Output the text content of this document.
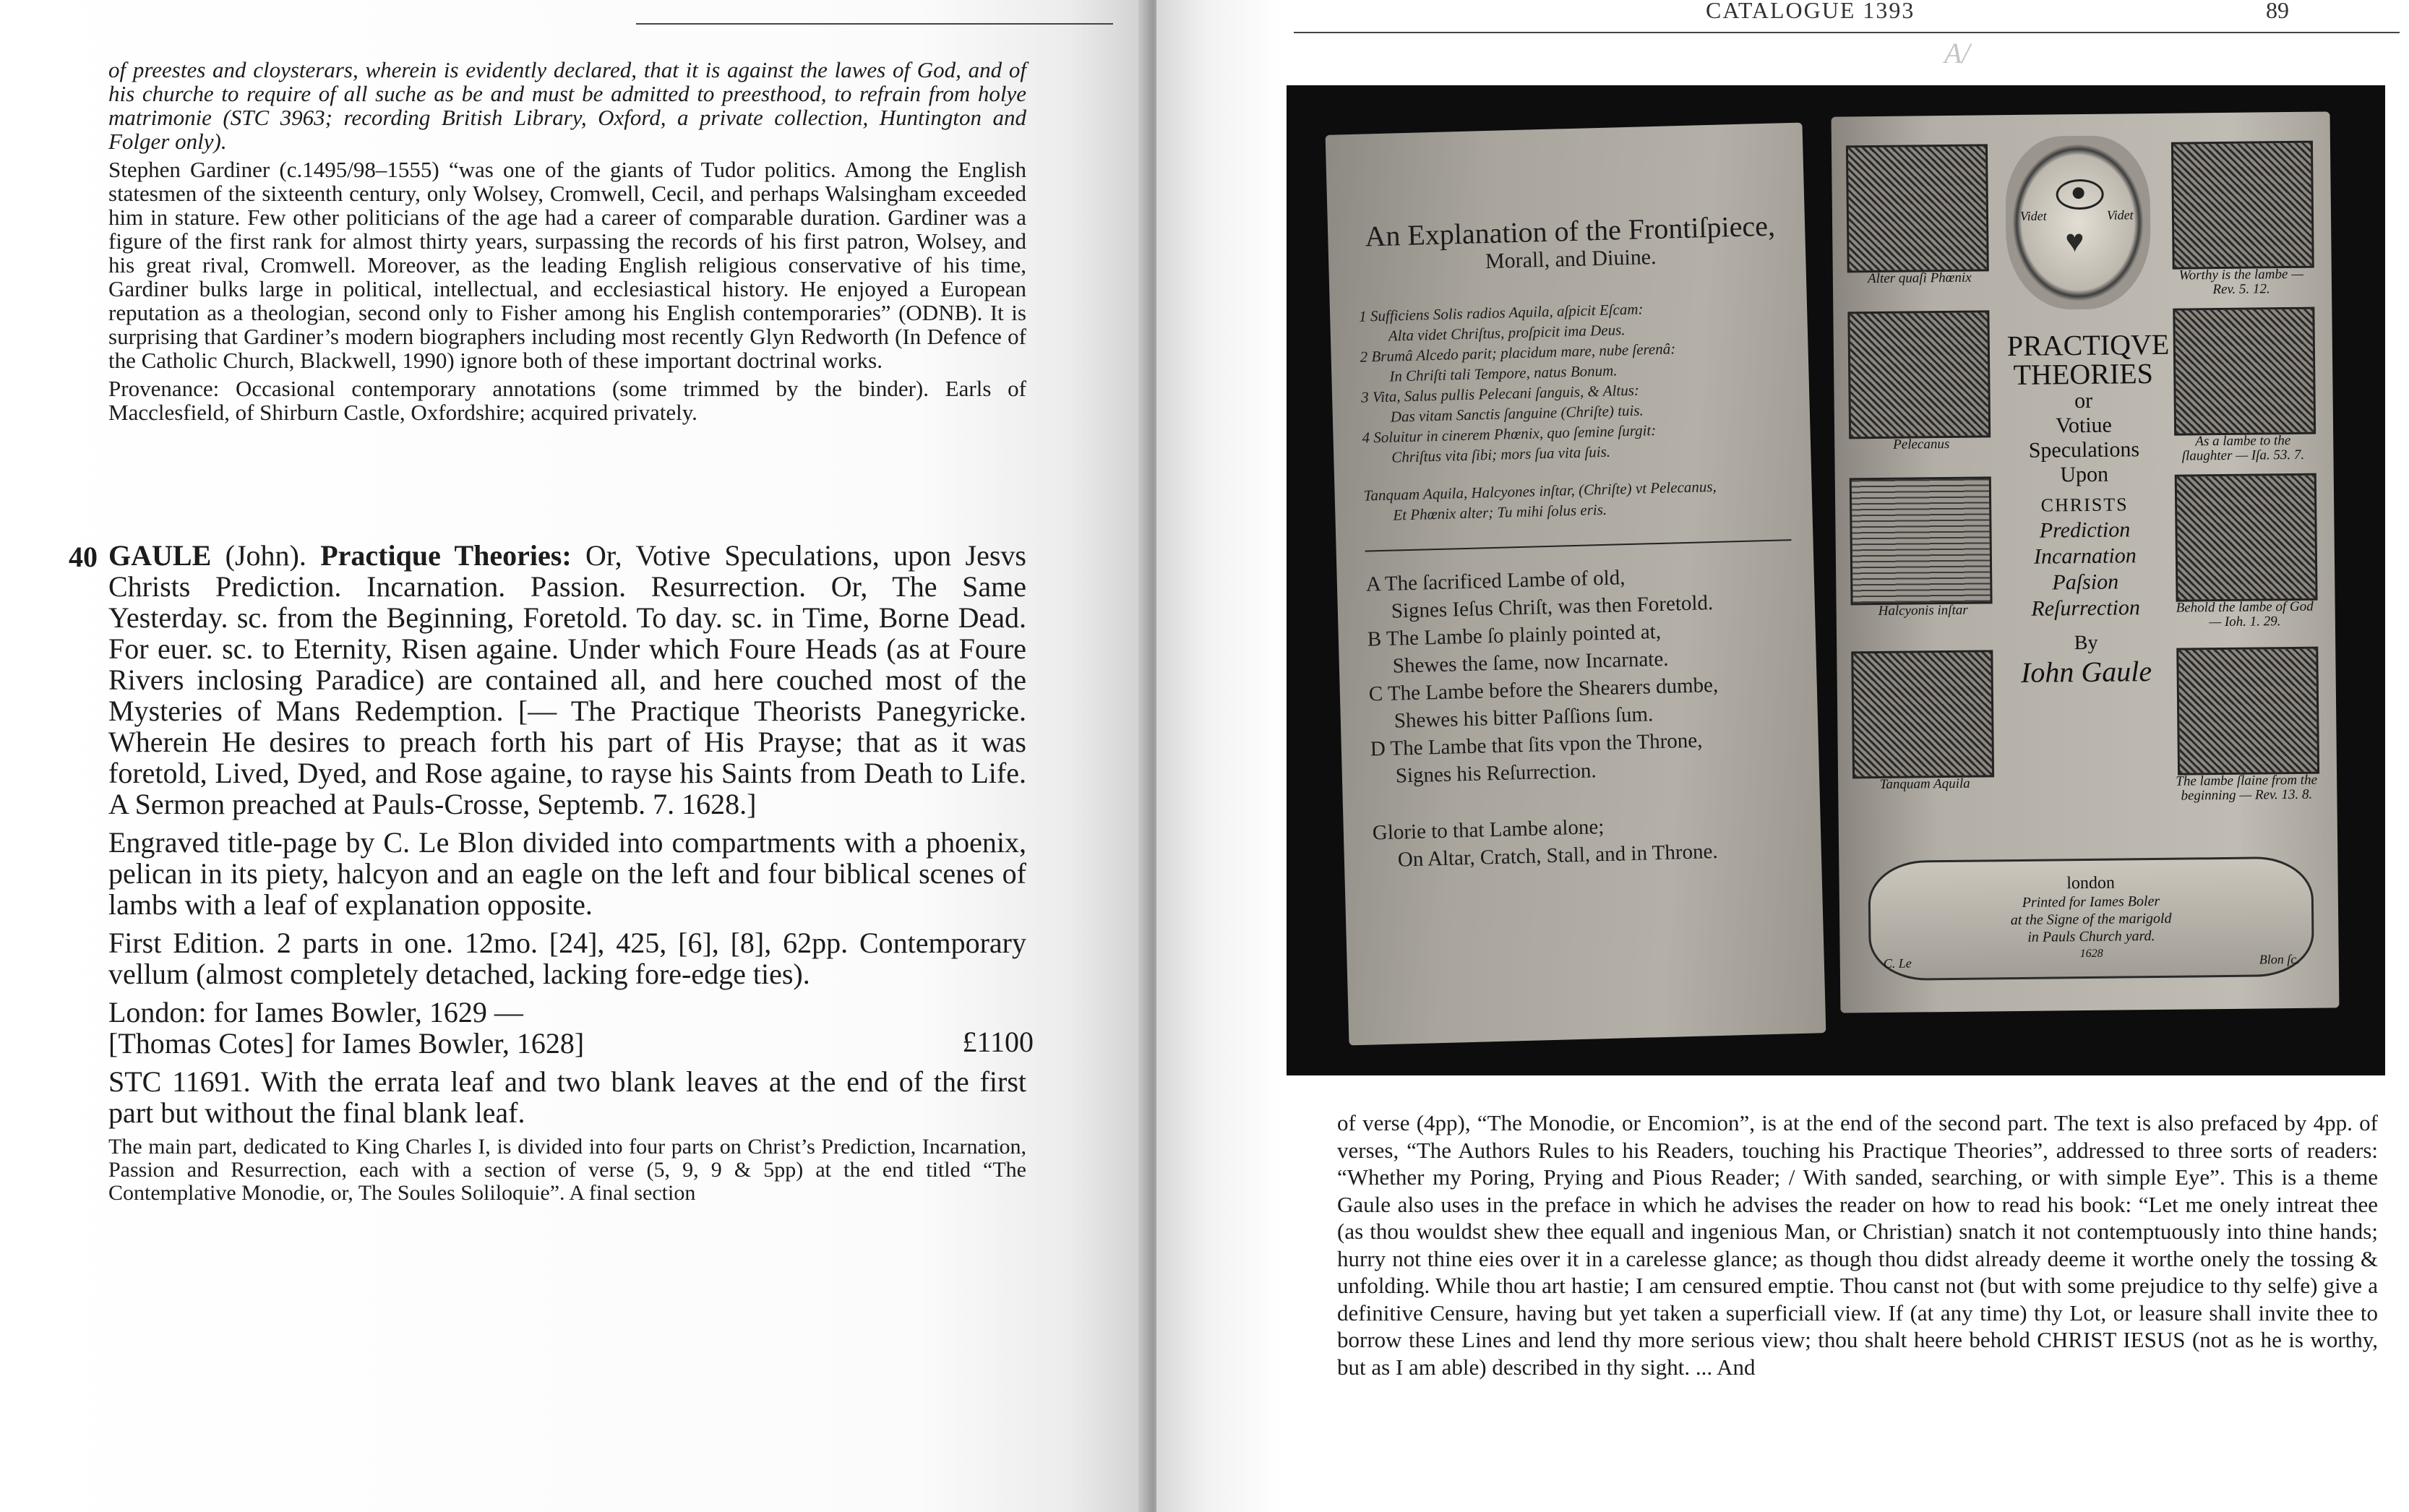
of preestes and cloysterars, wherein is evidently declared, that it is against the lawes of God, and of his churche to require of all suche as be and must be admitted to preesthood, to refrain from holye matrimonie (STC 3963; recording British Library, Oxford, a private collection, Huntington and Folger only).

Stephen Gardiner (c.1495/98–1555) “was one of the giants of Tudor politics. Among the English statesmen of the sixteenth century, only Wolsey, Cromwell, Cecil, and perhaps Walsingham exceeded him in stature. Few other politicians of the age had a career of comparable duration. Gardiner was a figure of the first rank for almost thirty years, surpassing the records of his first patron, Wolsey, and his great rival, Cromwell. Moreover, as the leading English religious conservative of his time, Gardiner bulks large in political, intellectual, and ecclesiastical history. He enjoyed a European reputation as a theologian, second only to Fisher among his English contemporaries” (ODNB). It is surprising that Gardiner’s modern biographers including most recently Glyn Redworth (In Defence of the Catholic Church, Blackwell, 1990) ignore both of these important doctrinal works.

Provenance: Occasional contemporary annotations (some trimmed by the binder). Earls of Macclesfield, of Shirburn Castle, Oxfordshire; acquired privately.

40 GAULE (John). Practique Theories: Or, Votive Speculations, upon Jesvs Christs Prediction. Incarnation. Passion. Resurrection. Or, The Same Yesterday. sc. from the Beginning, Foretold. To day. sc. in Time, Borne Dead. For euer. sc. to Eternity, Risen againe. Under which Foure Heads (as at Foure Rivers inclosing Paradice) are contained all, and here couched most of the Mysteries of Mans Redemption. [— The Practique Theorists Panegyricke. Wherein He desires to preach forth his part of His Prayse; that as it was foretold, Lived, Dyed, and Rose againe, to rayse his Saints from Death to Life. A Sermon preached at Pauls-Crosse, Septemb. 7. 1628.]

Engraved title-page by C. Le Blon divided into compartments with a phoenix, pelican in its piety, halcyon and an eagle on the left and four biblical scenes of lambs with a leaf of explanation opposite.

First Edition. 2 parts in one. 12mo. [24], 425, [6], [8], 62pp. Contemporary vellum (almost completely detached, lacking fore-edge ties).

London: for Iames Bowler, 1629 —
[Thomas Cotes] for Iames Bowler, 1628]	£1100

STC 11691. With the errata leaf and two blank leaves at the end of the first part but without the final blank leaf.

The main part, dedicated to King Charles I, is divided into four parts on Christ’s Prediction, Incarnation, Passion and Resurrection, each with a section of verse (5, 9, 9 & 5pp) at the end titled “The Contemplative Monodie, or, The Soules Soliloquie”. A final section

CATALOGUE 1393	89
A/

An Explanation of the Frontiſpiece,

Morall, and Diuine.

1 Sufficiens Solis radios Aquila, aſpicit Eſcam:

Alta videt Chriſtus, proſpicit ima Deus.

2 Brumâ Alcedo parit; placidum mare, nube ſerenâ:

In Chriſti tali Tempore, natus Bonum.

3 Vita, Salus pullis Pelecani ſanguis, & Altus:

Das vitam Sanctis ſanguine (Chriſte) tuis.

4 Soluitur in cinerem Phœnix, quo ſemine ſurgit:

Chriſtus vita ſibi; mors ſua vita ſuis.

Tanquam Aquila, Halcyones inſtar, (Chriſte) vt Pelecanus,

Et Phœnix alter; Tu mihi ſolus eris.

A The ſacrificed Lambe of old,

Signes Ieſus Chriſt, was then Foretold.

B The Lambe ſo plainly pointed at,

Shewes the ſame, now Incarnate.

C The Lambe before the Shearers dumbe,

Shewes his bitter Paſſions ſum.

D The Lambe that ſits vpon the Throne,

Signes his Reſurrection.

Glorie to that Lambe alone;

On Altar, Cratch, Stall, and in Throne.

Alter quaſi Phœnix
Pelecanus
Halcyonis inſtar
Tanquam Aquila
Worthy is the lambe — Rev. 5. 12.
As a lambe to the ſlaughter — Iſa. 53. 7.
Behold the lambe of God — Ioh. 1. 29.
The lambe ſlaine from the beginning — Rev. 13. 8.
Videt	Videt
♥

PRACTIQVE

THEORIES

or

Votiue

Speculations

Upon

CHRISTS

Prediction

Incarnation

Paſsion

Reſurrection

By

Iohn Gaule

london

Printed for Iames Boler

at the Signe of the marigold

in Pauls Church yard.

1628

C. Le	Blon ſc.

of verse (4pp), “The Monodie, or Encomion”, is at the end of the second part. The text is also prefaced by 4pp. of verses, “The Authors Rules to his Readers, touching his Practique Theories”, addressed to three sorts of readers: “Whether my Poring, Prying and Pious Reader; / With sanded, searching, or with simple Eye”. This is a theme Gaule also uses in the preface in which he advises the reader on how to read his book: “Let me onely intreat thee (as thou wouldst shew thee equall and ingenious Man, or Christian) snatch it not contemptuously into thine hands; hurry not thine eies over it in a carelesse glance; as though thou didst already deeme it worthe onely the tossing & unfolding. While thou art hastie; I am censured emptie. Thou canst not (but with some prejudice to thy selfe) give a definitive Censure, having but yet taken a superficiall view. If (at any time) thy Lot, or leasure shall invite thee to borrow these Lines and lend thy more serious view; thou shalt heere behold CHRIST IESUS (not as he is worthy, but as I am able) described in thy sight. ... And
